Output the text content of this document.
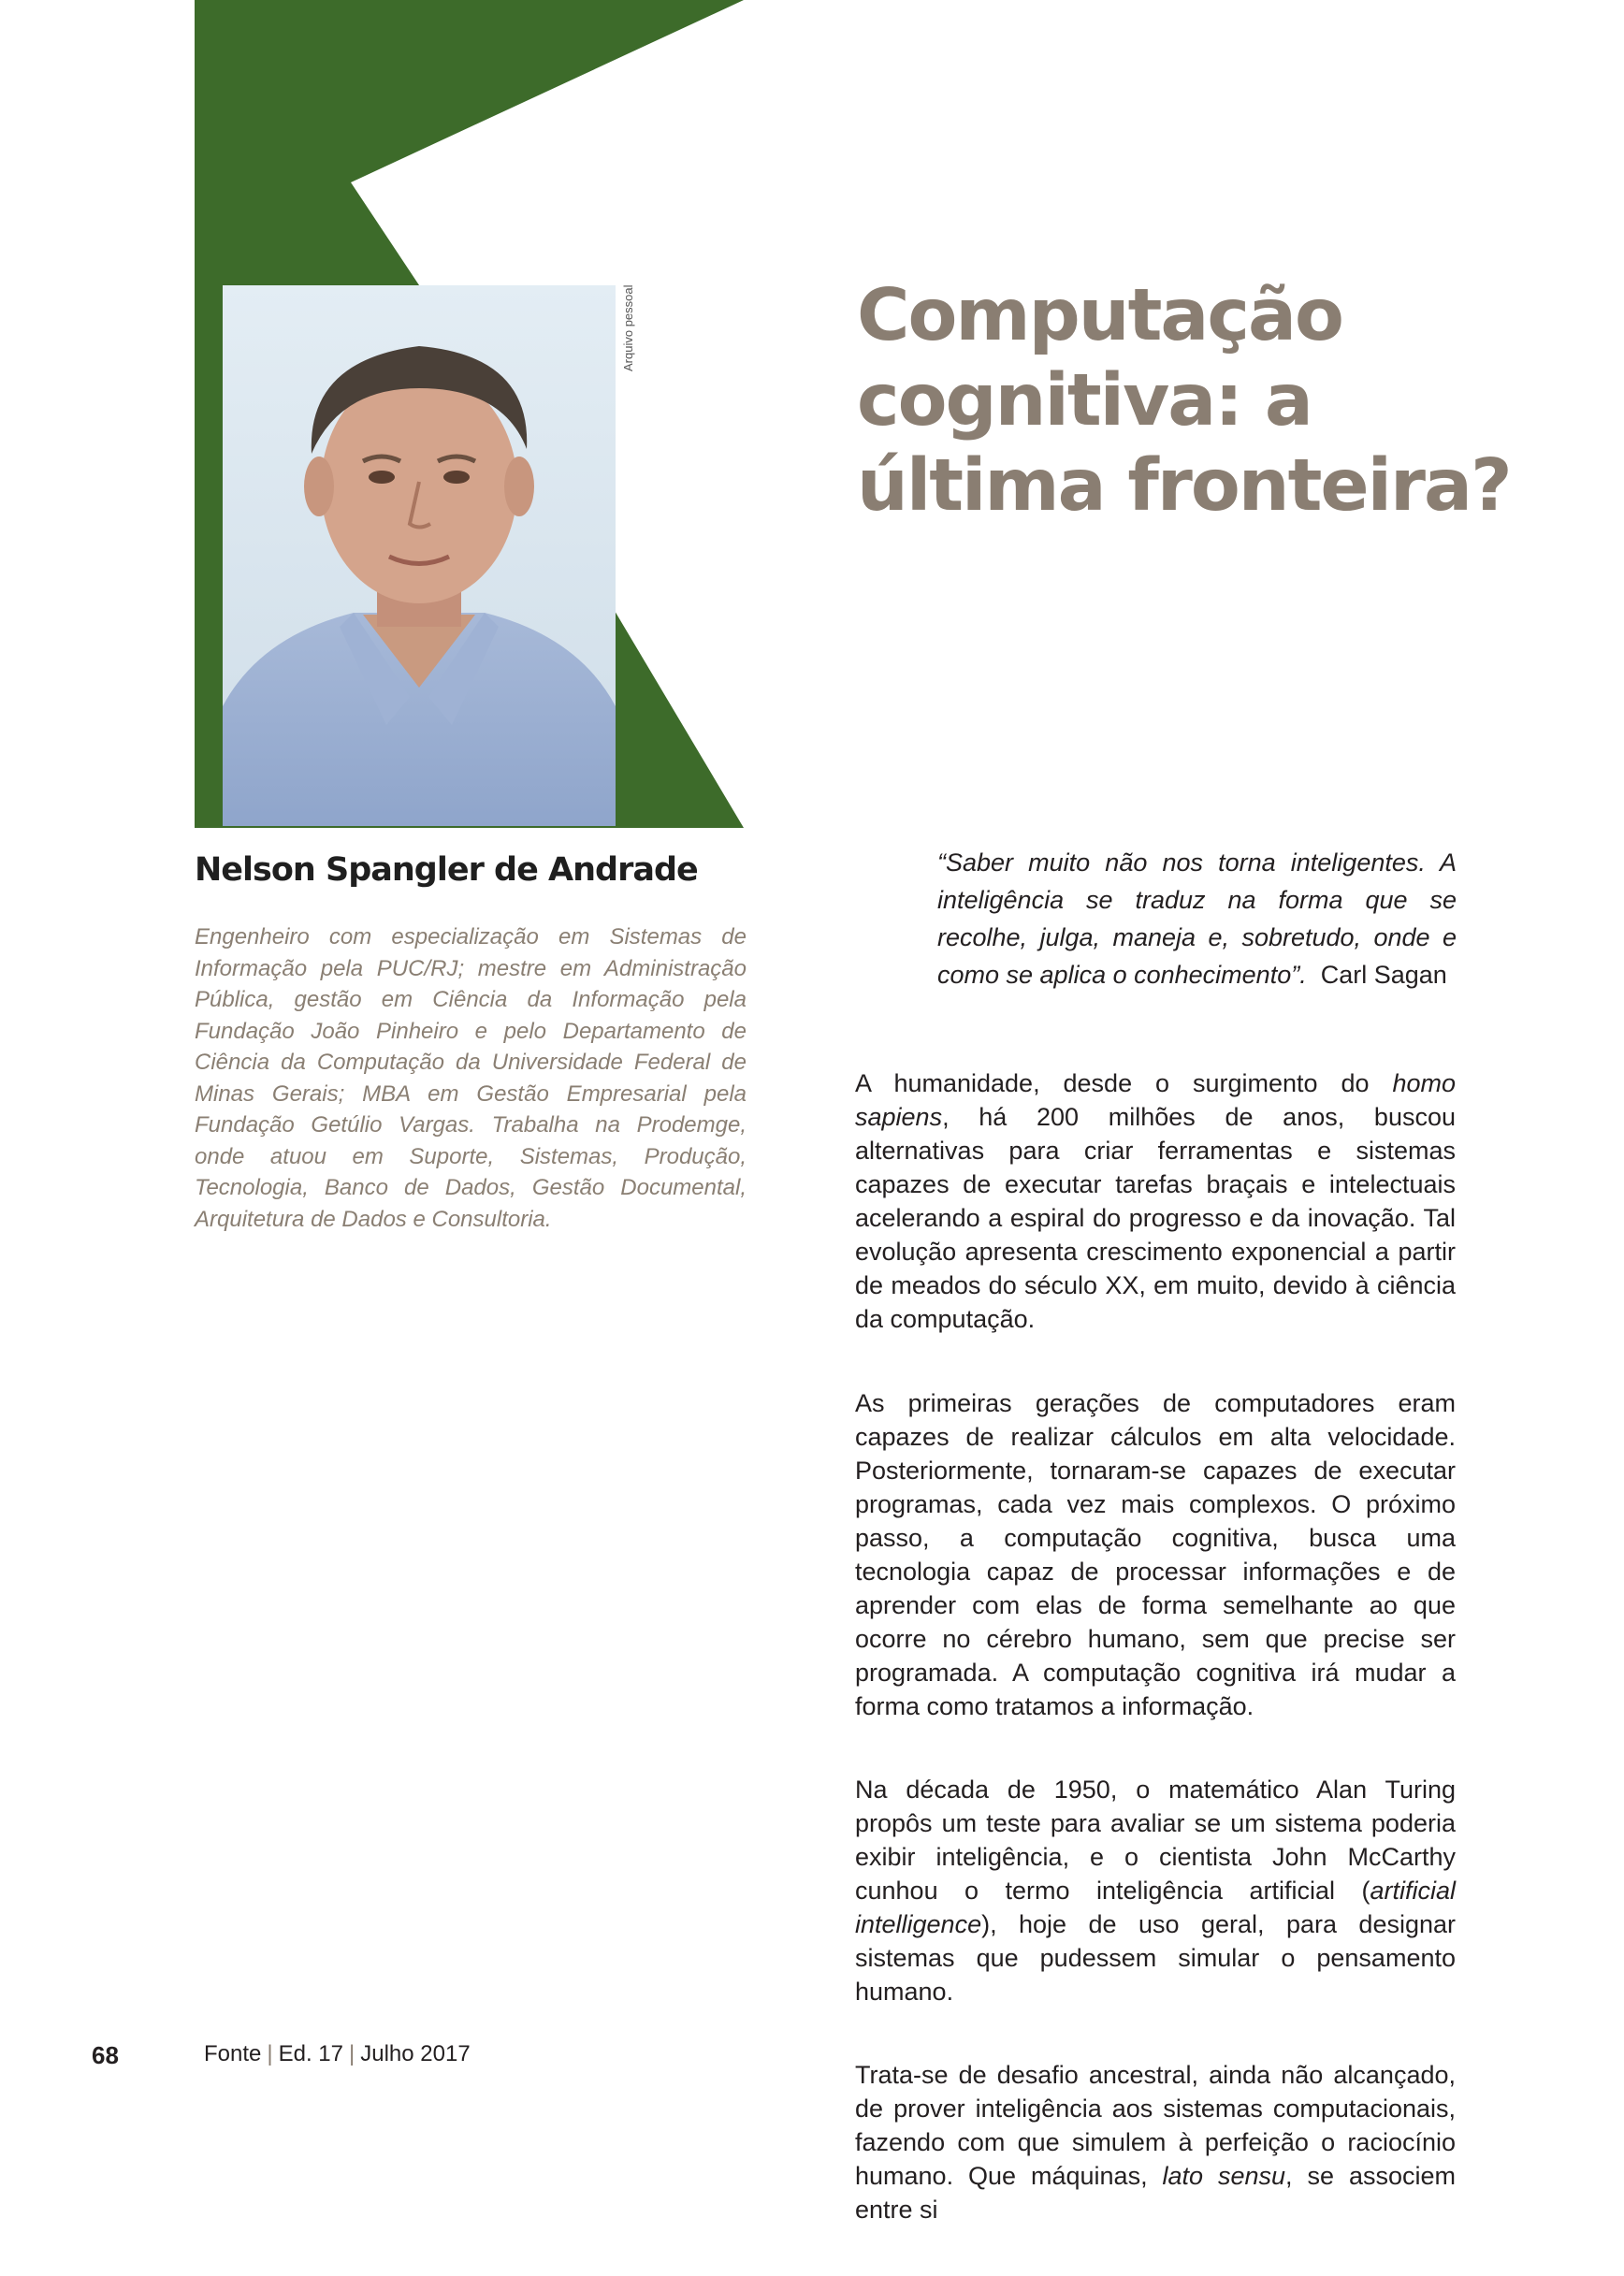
Arquivo pessoal	Computação cognitiva: a última fronteira?
Nelson Spangler de Andrade

Engenheiro com especialização em Sistemas de Informação pela PUC/RJ; mestre em Administração Pública, gestão em Ciência da Informação pela Fundação João Pinheiro e pelo Departamento de Ciência da Computação da Universidade Federal de Minas Gerais; MBA em Gestão Empresarial pela Fundação Getúlio Vargas. Trabalha na Prodemge, onde atuou em Suporte, Sistemas, Produção, Tecnologia, Banco de Dados, Gestão Documental, Arquitetura de Dados e Consultoria.

“Saber muito não nos torna inteligentes. A inteligência se traduz na forma que se recolhe, julga, maneja e, sobretudo, onde e como se aplica o conhecimento”. Carl Sagan

A humanidade, desde o surgimento do homo sapiens, há 200 milhões de anos, buscou alternativas para criar ferramentas e sistemas capazes de executar tarefas braçais e intelectuais acelerando a espiral do progresso e da inovação. Tal evolução apresenta crescimento exponencial a partir de meados do século XX, em muito, devido à ciência da computação.

As primeiras gerações de computadores eram capazes de realizar cálculos em alta velocidade. Posteriormente, tornaram-se capazes de executar programas, cada vez mais complexos. O próximo passo, a computação cognitiva, busca uma tecnologia capaz de processar informações e de aprender com elas de forma semelhante ao que ocorre no cérebro humano, sem que precise ser programada. A computação cognitiva irá mudar a forma como tratamos a informação.

Na década de 1950, o matemático Alan Turing propôs um teste para avaliar se um sistema poderia exibir inteligência, e o cientista John McCarthy cunhou o termo inteligência artificial (artificial intelligence), hoje de uso geral, para designar sistemas que pudessem simular o pensamento humano.

Trata-se de desafio ancestral, ainda não alcançado, de prover inteligência aos sistemas computacionais, fazendo com que simulem à perfeição o raciocínio humano. Que máquinas, lato sensu, se associem entre si

68	Fonte | Ed. 17 | Julho 2017
